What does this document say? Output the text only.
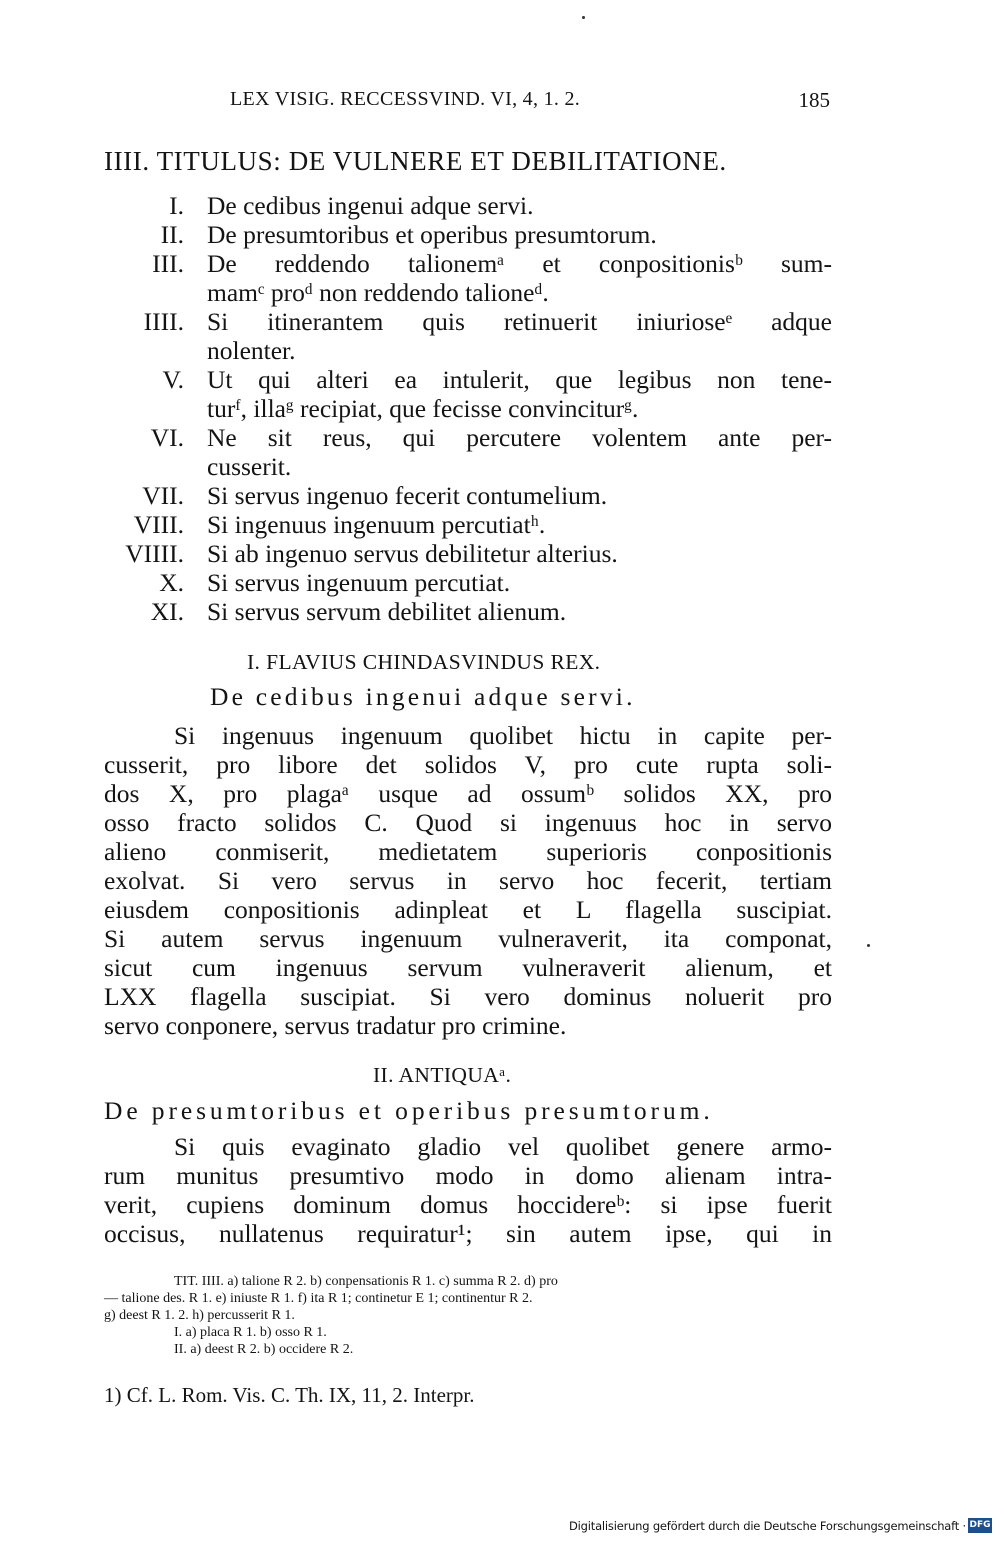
LEX VISIG. RECCESSVIND. VI, 4, 1. 2.	185
IIII. TITULUS: DE VULNERE ET DEBILITATIONE.
I. De cedibus ingenui adque servi.
II. De presumtoribus et operibus presumtorum.
III. De reddendo talionemᵃ et conpositionisᵇ sum-
mamᶜ proᵈ non reddendo talioneᵈ.
IIII. Si itinerantem quis retinuerit iniurioseᵉ adque
nolenter.
V. Ut qui alteri ea intulerit, que legibus non tene-
turᶠ, illaᵍ recipiat, que fecisse convinciturᵍ.
VI. Ne sit reus, qui percutere volentem ante per-
cusserit.
VII. Si servus ingenuo fecerit contumelium.
VIII. Si ingenuus ingenuum percutiatʰ.
VIIII. Si ab ingenuo servus debilitetur alterius.
X. Si servus ingenuum percutiat.
XI. Si servus servum debilitet alienum.
I. FLAVIUS CHINDASVINDUS REX.
De cedibus ingenui adque servi.
Si ingenuus ingenuum quolibet hictu in capite per-
cusserit, pro libore det solidos V, pro cute rupta soli-
dos X, pro plagaᵃ usque ad ossumᵇ solidos XX, pro
osso fracto solidos C. Quod si ingenuus hoc in servo
alieno conmiserit, medietatem superioris conpositionis
exolvat. Si vero servus in servo hoc fecerit, tertiam
eiusdem conpositionis adinpleat et L flagella suscipiat.
Si autem servus ingenuum vulneraverit, ita componat,
sicut cum ingenuus servum vulneraverit alienum, et
LXX flagella suscipiat. Si vero dominus noluerit pro
servo conponere, servus tradatur pro crimine.
II. ANTIQUAᵃ.
De presumtoribus et operibus presumtorum.
Si quis evaginato gladio vel quolibet genere armo-
rum munitus presumtivo modo in domo alienam intra-
verit, cupiens dominum domus hoccidereᵇ: si ipse fuerit
occisus, nullatenus requiratur¹; sin autem ipse, qui in
TIT. IIII. a) talione R 2. b) conpensationis R 1. c) summa R 2. d) pro
— talione des. R 1. e) iniuste R 1. f) ita R 1; continetur E 1; continentur R 2.
g) deest R 1. 2. h) percusserit R 1.
I. a) placa R 1. b) osso R 1.
II. a) deest R 2. b) occidere R 2.
1) Cf. L. Rom. Vis. C. Th. IX, 11, 2. Interpr.
Digitalisierung gefördert durch die Deutsche Forschungsgemeinschaft · DFG
